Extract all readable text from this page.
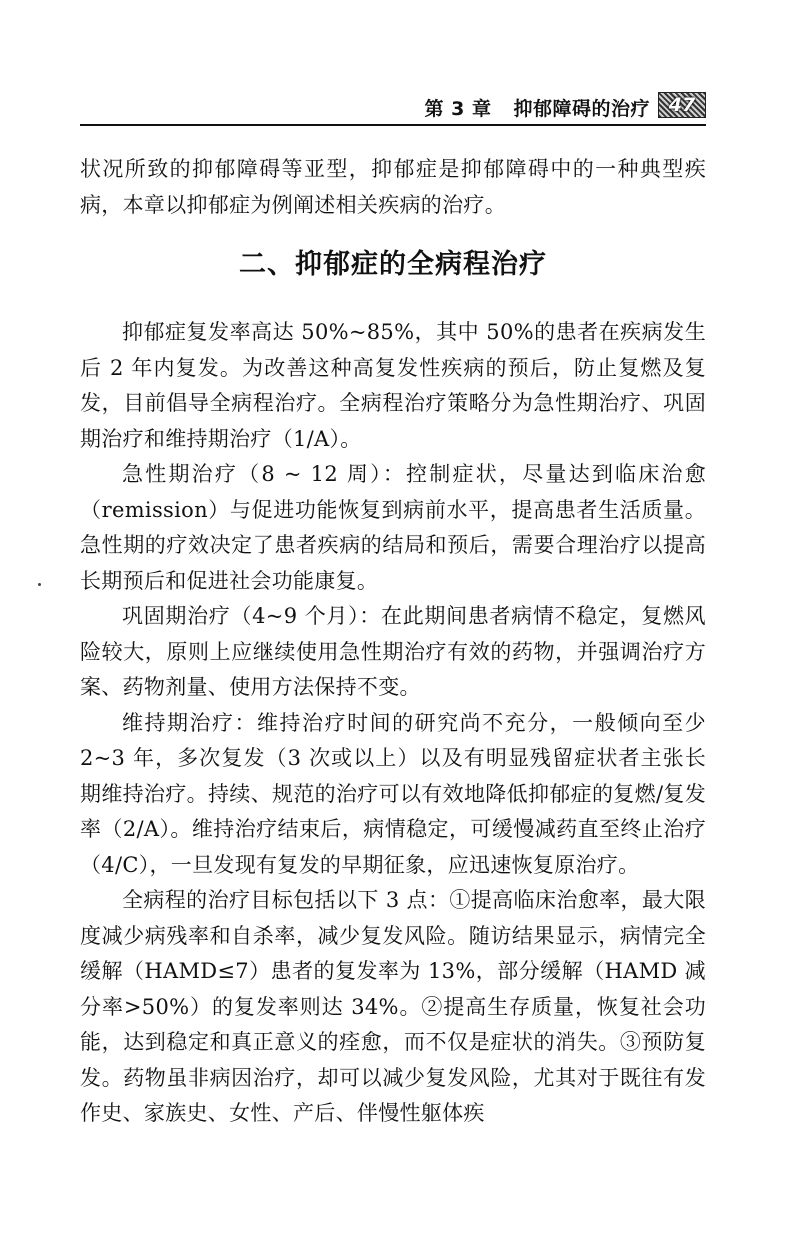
第 3 章 抑郁障碍的治疗 47

状况所致的抑郁障碍等亚型，抑郁症是抑郁障碍中的一种典型疾病，本章以抑郁症为例阐述相关疾病的治疗。

二、抑郁症的全病程治疗

抑郁症复发率高达 50%~85%，其中 50%的患者在疾病发生后 2 年内复发。为改善这种高复发性疾病的预后，防止复燃及复发，目前倡导全病程治疗。全病程治疗策略分为急性期治疗、巩固期治疗和维持期治疗（1/A）。

急性期治疗（8 ~ 12 周）：控制症状，尽量达到临床治愈（remission）与促进功能恢复到病前水平，提高患者生活质量。急性期的疗效决定了患者疾病的结局和预后，需要合理治疗以提高长期预后和促进社会功能康复。

巩固期治疗（4~9 个月）：在此期间患者病情不稳定，复燃风险较大，原则上应继续使用急性期治疗有效的药物，并强调治疗方案、药物剂量、使用方法保持不变。

维持期治疗：维持治疗时间的研究尚不充分，一般倾向至少 2~3 年，多次复发（3 次或以上）以及有明显残留症状者主张长期维持治疗。持续、规范的治疗可以有效地降低抑郁症的复燃/复发率（2/A）。维持治疗结束后，病情稳定，可缓慢减药直至终止治疗（4/C），一旦发现有复发的早期征象，应迅速恢复原治疗。

全病程的治疗目标包括以下 3 点：①提高临床治愈率，最大限度减少病残率和自杀率，减少复发风险。随访结果显示，病情完全缓解（HAMD≤7）患者的复发率为 13%，部分缓解（HAMD 减分率>50%）的复发率则达 34%。②提高生存质量，恢复社会功能，达到稳定和真正意义的痊愈，而不仅是症状的消失。③预防复发。药物虽非病因治疗，却可以减少复发风险，尤其对于既往有发作史、家族史、女性、产后、伴慢性躯体疾
